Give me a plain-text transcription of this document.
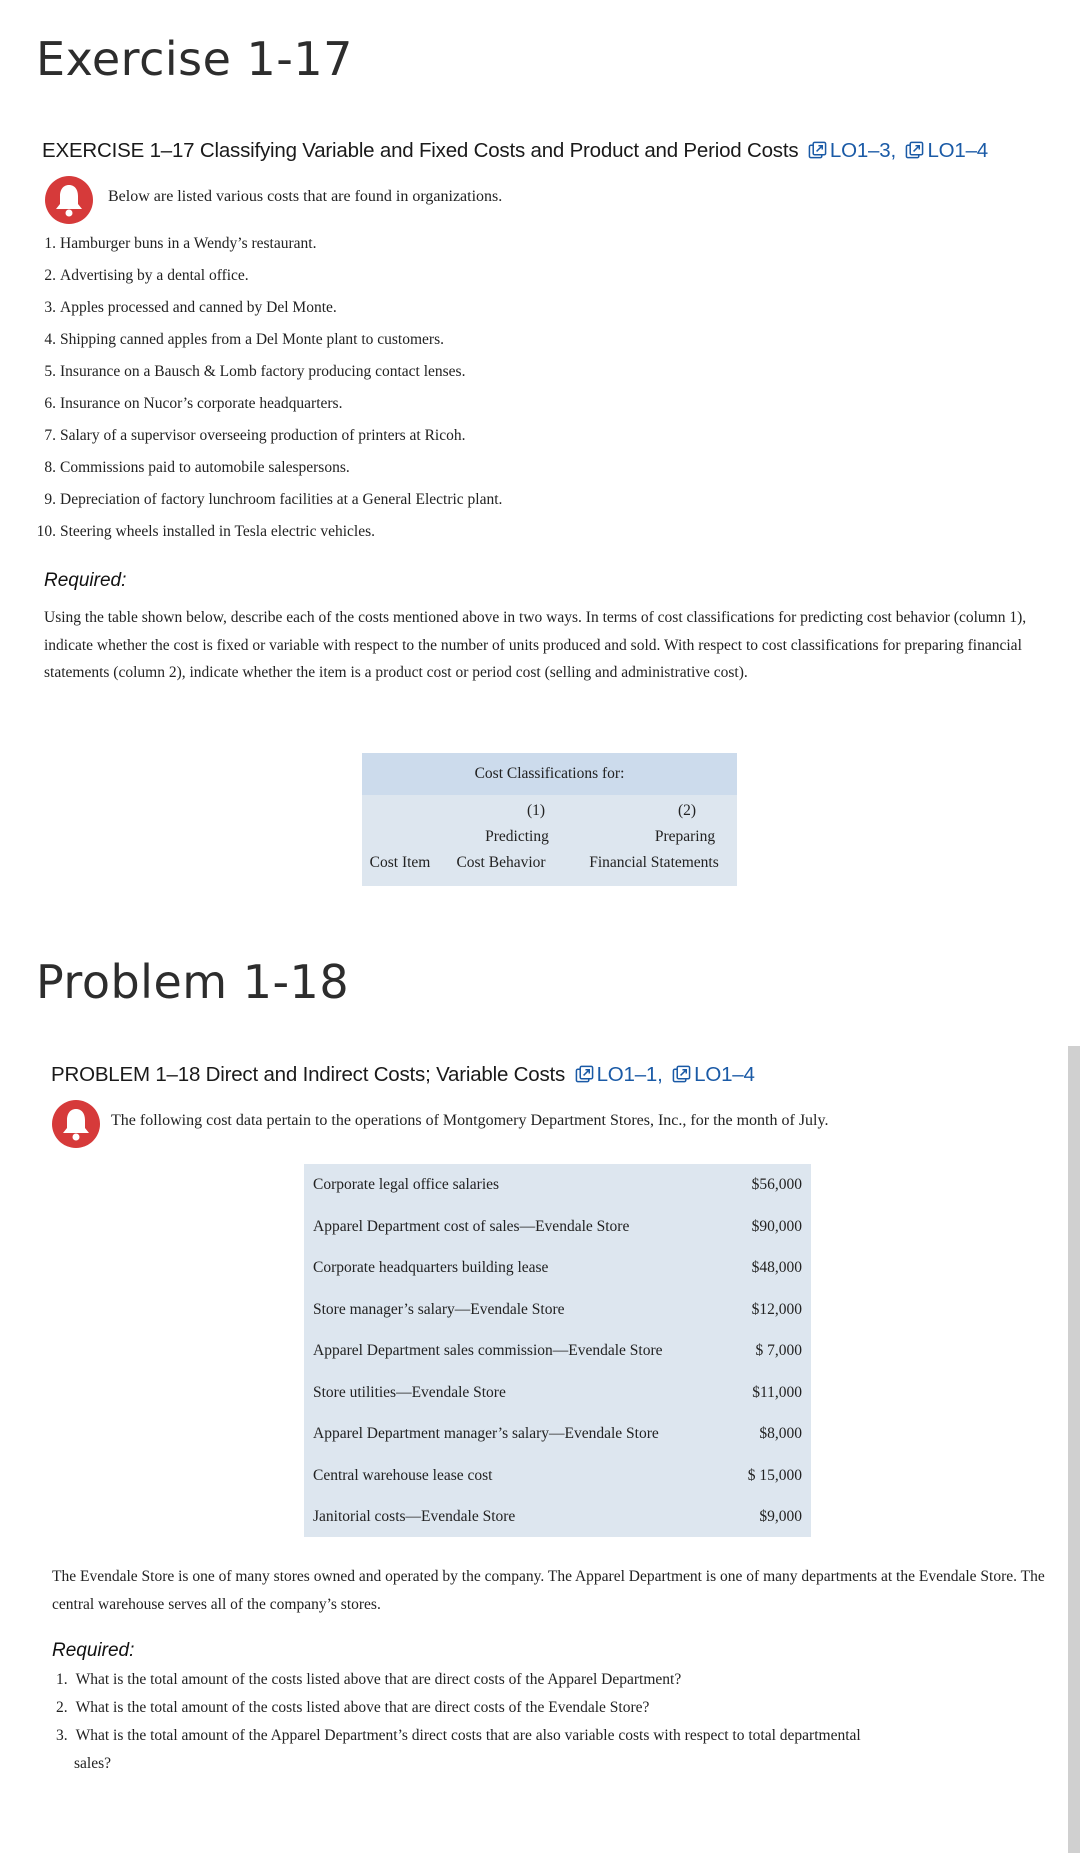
Exercise 1-17
EXERCISE 1–17 Classifying Variable and Fixed Costs and Product and Period Costs LO1–3, LO1–4
Below are listed various costs that are found in organizations.
1. Hamburger buns in a Wendy’s restaurant.
2. Advertising by a dental office.
3. Apples processed and canned by Del Monte.
4. Shipping canned apples from a Del Monte plant to customers.
5. Insurance on a Bausch & Lomb factory producing contact lenses.
6. Insurance on Nucor’s corporate headquarters.
7. Salary of a supervisor overseeing production of printers at Ricoh.
8. Commissions paid to automobile salespersons.
9. Depreciation of factory lunchroom facilities at a General Electric plant.
10. Steering wheels installed in Tesla electric vehicles.
Required:
Using the table shown below, describe each of the costs mentioned above in two ways. In terms of cost classifications for predicting cost behavior (column 1), indicate whether the cost is fixed or variable with respect to the number of units produced and sold. With respect to cost classifications for preparing financial statements (column 2), indicate whether the item is a product cost or period cost (selling and administrative cost).
Cost Classifications for:
(1)	(2)
Predicting	Preparing
Cost Item	Cost Behavior	Financial Statements
Problem 1-18
PROBLEM 1–18 Direct and Indirect Costs; Variable Costs LO1–1, LO1–4
The following cost data pertain to the operations of Montgomery Department Stores, Inc., for the month of July.
Corporate legal office salaries	$56,000
Apparel Department cost of sales—Evendale Store	$90,000
Corporate headquarters building lease	$48,000
Store manager’s salary—Evendale Store	$12,000
Apparel Department sales commission—Evendale Store	$ 7,000
Store utilities—Evendale Store	$11,000
Apparel Department manager’s salary—Evendale Store	$8,000
Central warehouse lease cost	$ 15,000
Janitorial costs—Evendale Store	$9,000
The Evendale Store is one of many stores owned and operated by the company. The Apparel Department is one of many departments at the Evendale Store. The central warehouse serves all of the company’s stores.
Required:
1. What is the total amount of the costs listed above that are direct costs of the Apparel Department?
2. What is the total amount of the costs listed above that are direct costs of the Evendale Store?
3. What is the total amount of the Apparel Department’s direct costs that are also variable costs with respect to total departmental
sales?
